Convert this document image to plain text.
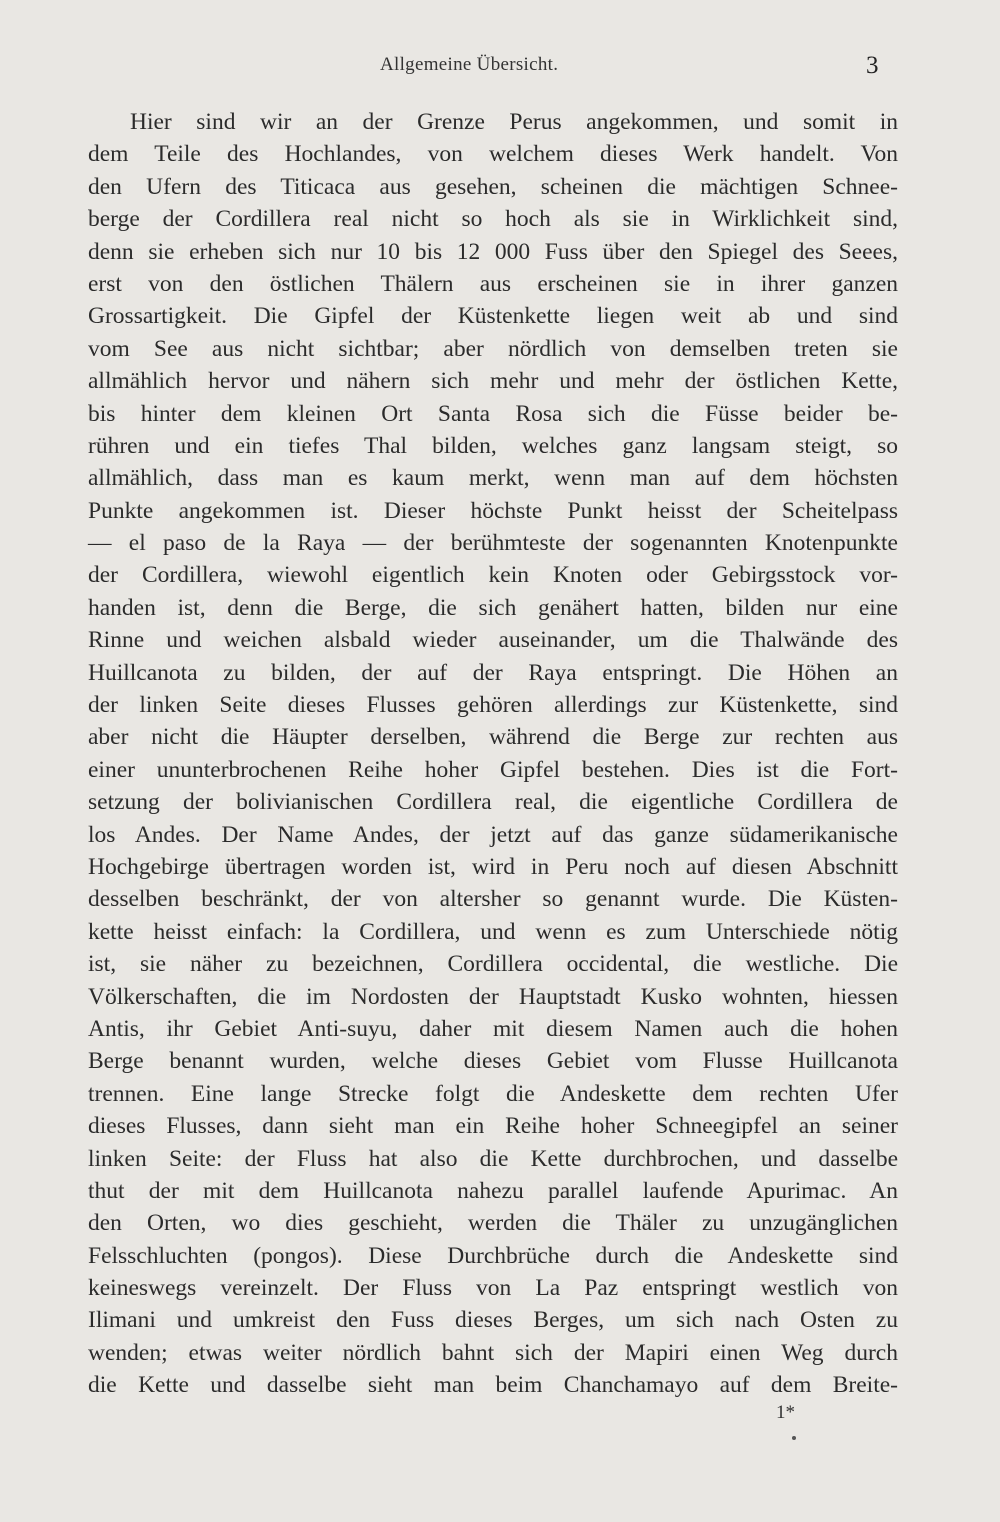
Allgemeine Übersicht.	3
Hier sind wir an der Grenze Perus angekommen, und somit in
dem Teile des Hochlandes, von welchem dieses Werk handelt. Von
den Ufern des Titicaca aus gesehen, scheinen die mächtigen Schnee-
berge der Cordillera real nicht so hoch als sie in Wirklichkeit sind,
denn sie erheben sich nur 10 bis 12 000 Fuss über den Spiegel des Seees,
erst von den östlichen Thälern aus erscheinen sie in ihrer ganzen
Grossartigkeit. Die Gipfel der Küstenkette liegen weit ab und sind
vom See aus nicht sichtbar; aber nördlich von demselben treten sie
allmählich hervor und nähern sich mehr und mehr der östlichen Kette,
bis hinter dem kleinen Ort Santa Rosa sich die Füsse beider be-
rühren und ein tiefes Thal bilden, welches ganz langsam steigt, so
allmählich, dass man es kaum merkt, wenn man auf dem höchsten
Punkte angekommen ist. Dieser höchste Punkt heisst der Scheitelpass
— el paso de la Raya — der berühmteste der sogenannten Knotenpunkte
der Cordillera, wiewohl eigentlich kein Knoten oder Gebirgsstock vor-
handen ist, denn die Berge, die sich genähert hatten, bilden nur eine
Rinne und weichen alsbald wieder auseinander, um die Thalwände des
Huillcanota zu bilden, der auf der Raya entspringt. Die Höhen an
der linken Seite dieses Flusses gehören allerdings zur Küstenkette, sind
aber nicht die Häupter derselben, während die Berge zur rechten aus
einer ununterbrochenen Reihe hoher Gipfel bestehen. Dies ist die Fort-
setzung der bolivianischen Cordillera real, die eigentliche Cordillera de
los Andes. Der Name Andes, der jetzt auf das ganze südamerikanische
Hochgebirge übertragen worden ist, wird in Peru noch auf diesen Abschnitt
desselben beschränkt, der von altersher so genannt wurde. Die Küsten-
kette heisst einfach: la Cordillera, und wenn es zum Unterschiede nötig
ist, sie näher zu bezeichnen, Cordillera occidental, die westliche. Die
Völkerschaften, die im Nordosten der Hauptstadt Kusko wohnten, hiessen
Antis, ihr Gebiet Anti-suyu, daher mit diesem Namen auch die hohen
Berge benannt wurden, welche dieses Gebiet vom Flusse Huillcanota
trennen. Eine lange Strecke folgt die Andeskette dem rechten Ufer
dieses Flusses, dann sieht man ein Reihe hoher Schneegipfel an seiner
linken Seite: der Fluss hat also die Kette durchbrochen, und dasselbe
thut der mit dem Huillcanota nahezu parallel laufende Apurimac. An
den Orten, wo dies geschieht, werden die Thäler zu unzugänglichen
Felsschluchten (pongos). Diese Durchbrüche durch die Andeskette sind
keineswegs vereinzelt. Der Fluss von La Paz entspringt westlich von
Ilimani und umkreist den Fuss dieses Berges, um sich nach Osten zu
wenden; etwas weiter nördlich bahnt sich der Mapiri einen Weg durch
die Kette und dasselbe sieht man beim Chanchamayo auf dem Breite-
1*
